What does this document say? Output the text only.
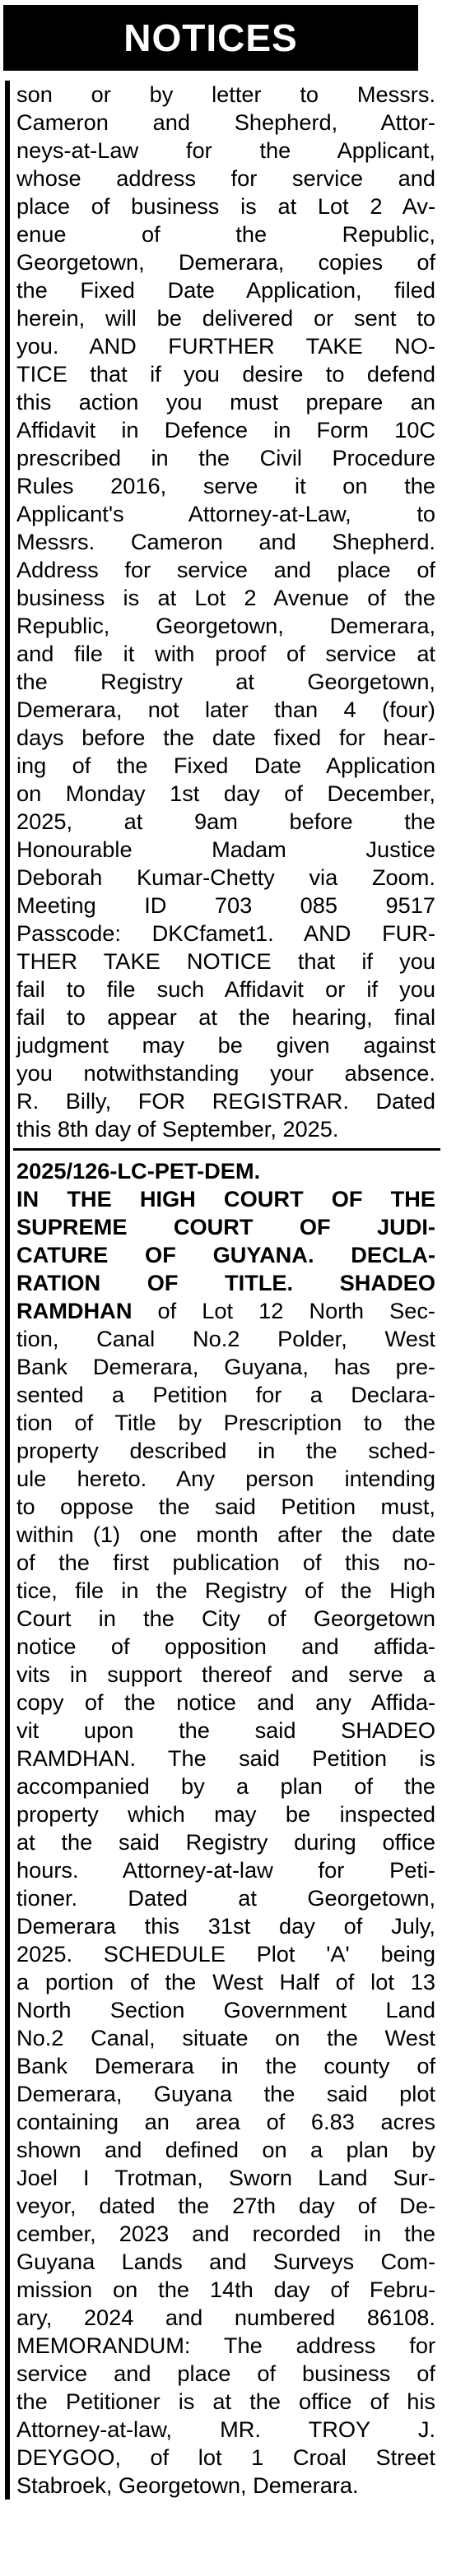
NOTICES
son or by letter to Messrs.
Cameron and Shepherd, Attor-
neys-at-Law for the Applicant,
whose address for service and
place of business is at Lot 2 Av-
enue of the Republic,
Georgetown, Demerara, copies of
the Fixed Date Application, filed
herein, will be delivered or sent to
you. AND FURTHER TAKE NO-
TICE that if you desire to defend
this action you must prepare an
Affidavit in Defence in Form 10C
prescribed in the Civil Procedure
Rules 2016, serve it on the
Applicant's Attorney-at-Law, to
Messrs. Cameron and Shepherd.
Address for service and place of
business is at Lot 2 Avenue of the
Republic, Georgetown, Demerara,
and file it with proof of service at
the Registry at Georgetown,
Demerara, not later than 4 (four)
days before the date fixed for hear-
ing of the Fixed Date Application
on Monday 1st day of December,
2025, at 9am before the
Honourable Madam Justice
Deborah Kumar-Chetty via Zoom.
Meeting ID 703 085 9517
Passcode: DKCfamet1. AND FUR-
THER TAKE NOTICE that if you
fail to file such Affidavit or if you
fail to appear at the hearing, final
judgment may be given against
you notwithstanding your absence.
R. Billy, FOR REGISTRAR. Dated
this 8th day of September, 2025.
2025/126-LC-PET-DEM.
IN THE HIGH COURT OF THE
SUPREME COURT OF JUDI-
CATURE OF GUYANA. DECLA-
RATION OF TITLE. SHADEO
RAMDHAN of Lot 12 North Sec-
tion, Canal No.2 Polder, West
Bank Demerara, Guyana, has pre-
sented a Petition for a Declara-
tion of Title by Prescription to the
property described in the sched-
ule hereto. Any person intending
to oppose the said Petition must,
within (1) one month after the date
of the first publication of this no-
tice, file in the Registry of the High
Court in the City of Georgetown
notice of opposition and affida-
vits in support thereof and serve a
copy of the notice and any Affida-
vit upon the said SHADEO
RAMDHAN. The said Petition is
accompanied by a plan of the
property which may be inspected
at the said Registry during office
hours. Attorney-at-law for Peti-
tioner. Dated at Georgetown,
Demerara this 31st day of July,
2025. SCHEDULE Plot 'A' being
a portion of the West Half of lot 13
North Section Government Land
No.2 Canal, situate on the West
Bank Demerara in the county of
Demerara, Guyana the said plot
containing an area of 6.83 acres
shown and defined on a plan by
Joel I Trotman, Sworn Land Sur-
veyor, dated the 27th day of De-
cember, 2023 and recorded in the
Guyana Lands and Surveys Com-
mission on the 14th day of Febru-
ary, 2024 and numbered 86108.
MEMORANDUM: The address for
service and place of business of
the Petitioner is at the office of his
Attorney-at-law, MR. TROY J.
DEYGOO, of lot 1 Croal Street
Stabroek, Georgetown, Demerara.
